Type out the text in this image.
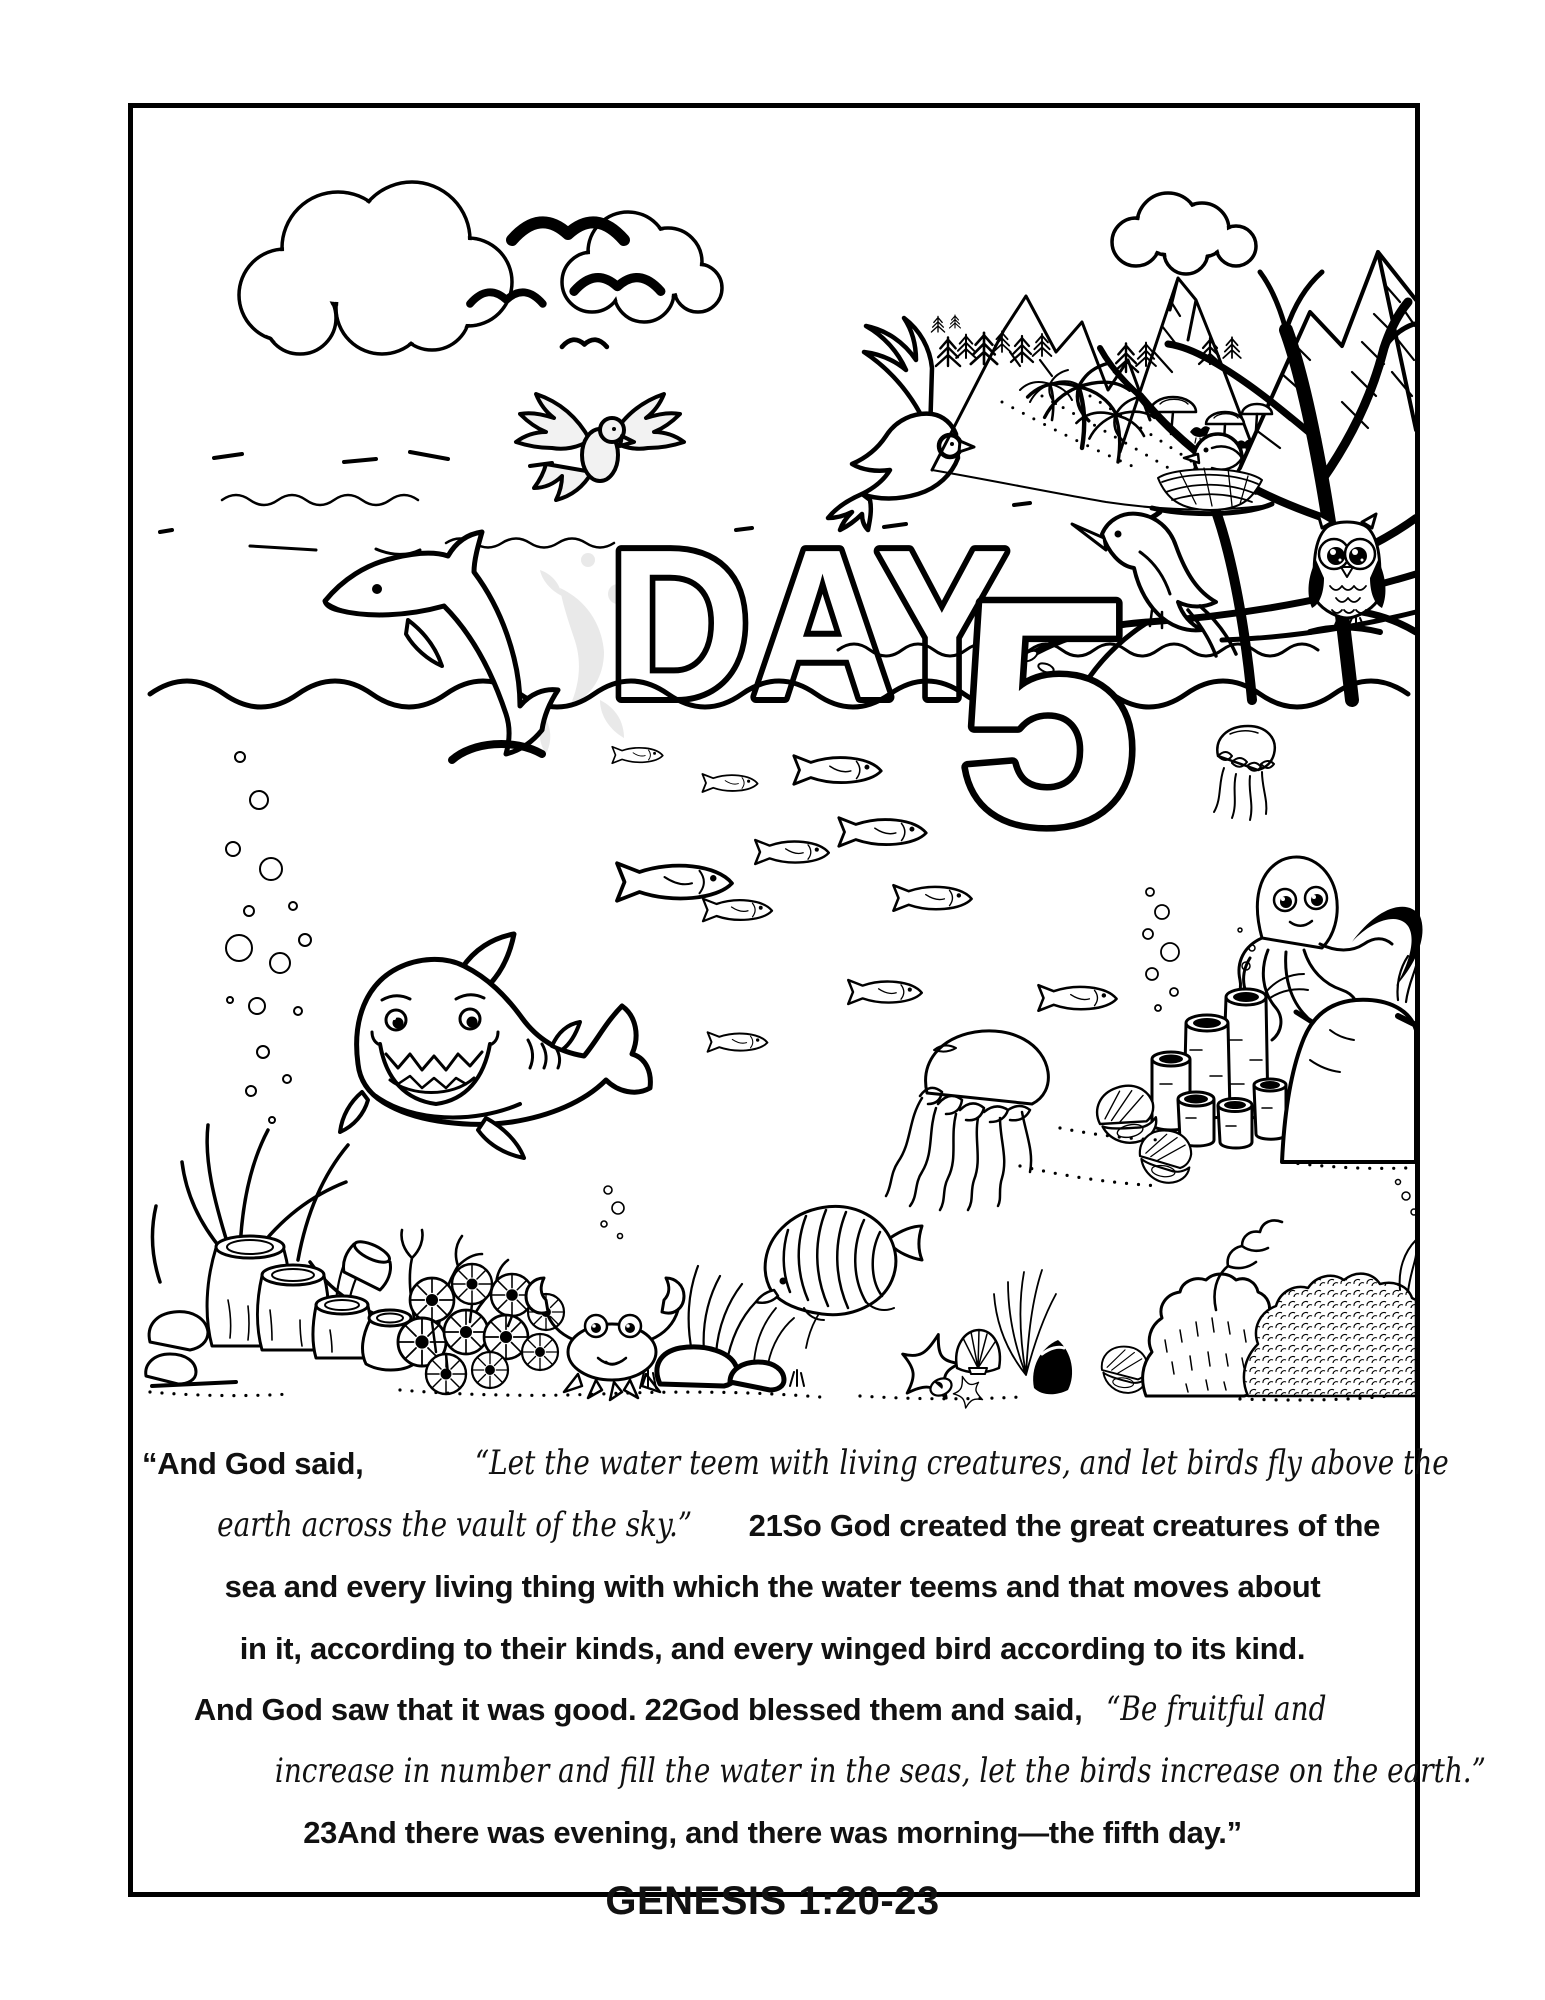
DAY
5
“And God said,	“Let the water teem with living creatures, and let birds fly above the
earth across the vault of the sky.” 21So God created the great creatures of the
sea and every living thing with which the water teems and that moves about
in it, according to their kinds, and every winged bird according to its kind.
And God saw that it was good. 22God blessed them and said, “Be fruitful and
increase in number and fill the water in the seas, let the birds increase on the earth.”
23And there was evening, and there was morning—the fifth day.”
GENESIS 1:20-23
